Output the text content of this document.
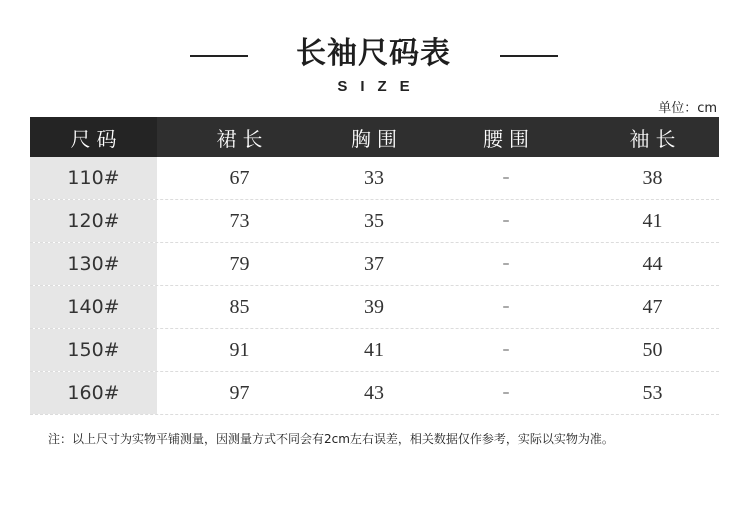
长袖尺码表
SIZE
单位：cm
尺码	裙长	胸围	腰围	袖长
110#	67	33	–	38
120#	73	35	–	41
130#	79	37	–	44
140#	85	39	–	47
150#	91	41	–	50
160#	97	43	–	53
注：以上尺寸为实物平铺测量，因测量方式不同会有2cm左右误差，相关数据仅作参考，实际以实物为准。
